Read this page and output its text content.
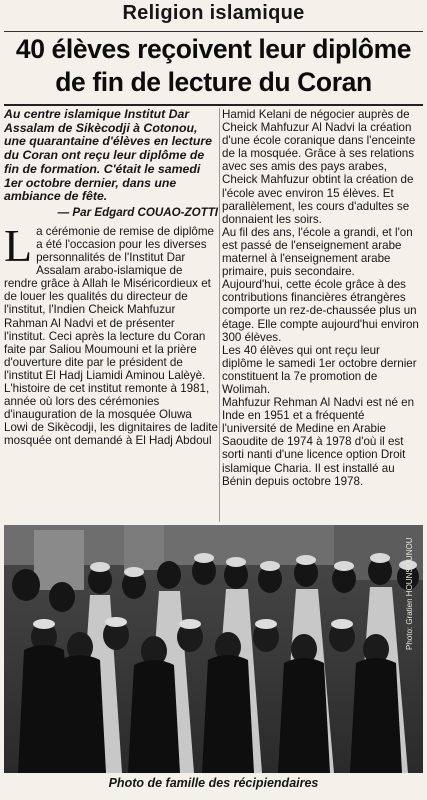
Religion islamique
40 élèves reçoivent leur diplôme
de fin de lecture du Coran

Au centre islamique Institut Dar Assalam de Sikècodji à Cotonou, une quarantaine d'élèves en lecture du Coran ont reçu leur diplôme de fin de formation. C'était le samedi 1er octobre dernier, dans une ambiance de fête.

— Par Edgard COUAO-ZOTTI

L a cérémonie de remise de diplôme a été l'occasion pour les diverses personnalités de l'Institut Dar Assalam arabo-islamique de rendre grâce à Allah le Miséricordieux et de louer les qualités du directeur de l'institut, l'Indien Cheick Mahfuzur Rahman Al Nadvi et de présenter l'institut. Ceci après la lecture du Coran faite par Saliou Moumouni et la prière d'ouverture dite par le président de l'institut El Hadj Liamidi Aminou Lalèyè.

L'histoire de cet institut remonte à 1981, année où lors des cérémonies d'inauguration de la mosquée Oluwa Lowi de Sikècodji, les dignitaires de ladite mosquée ont demandé à El Hadj Abdoul

Hamid Kelani de négocier auprès de Cheick Mahfuzur Al Nadvi la création d'une école coranique dans l'enceinte de la mosquée. Grâce à ses relations avec ses amis des pays arabes, Cheick Mahfuzur obtint la création de l'école avec environ 15 élèves. Et parallèlement, les cours d'adultes se donnaient les soirs.

Au fil des ans, l'école a grandi, et l'on est passé de l'enseignement arabe maternel à l'enseignement arabe primaire, puis secondaire.

Aujourd'hui, cette école grâce à des contributions financières étrangères comporte un rez-de-chaussée plus un étage. Elle compte aujourd'hui environ 300 élèves.

Les 40 élèves qui ont reçu leur diplôme le samedi 1er octobre dernier constituent la 7e promotion de Wolimah.

Mahfuzur Rehman Al Nadvi est né en Inde en 1951 et a fréquenté l'université de Medine en Arabie Saoudite de 1974 à 1978 d'où il est sorti nanti d'une licence option Droit islamique Charia. Il est installé au Bénin depuis octobre 1978.

Photo: Gratien HOUNSOUNOU
Photo de famille des récipiendaires
